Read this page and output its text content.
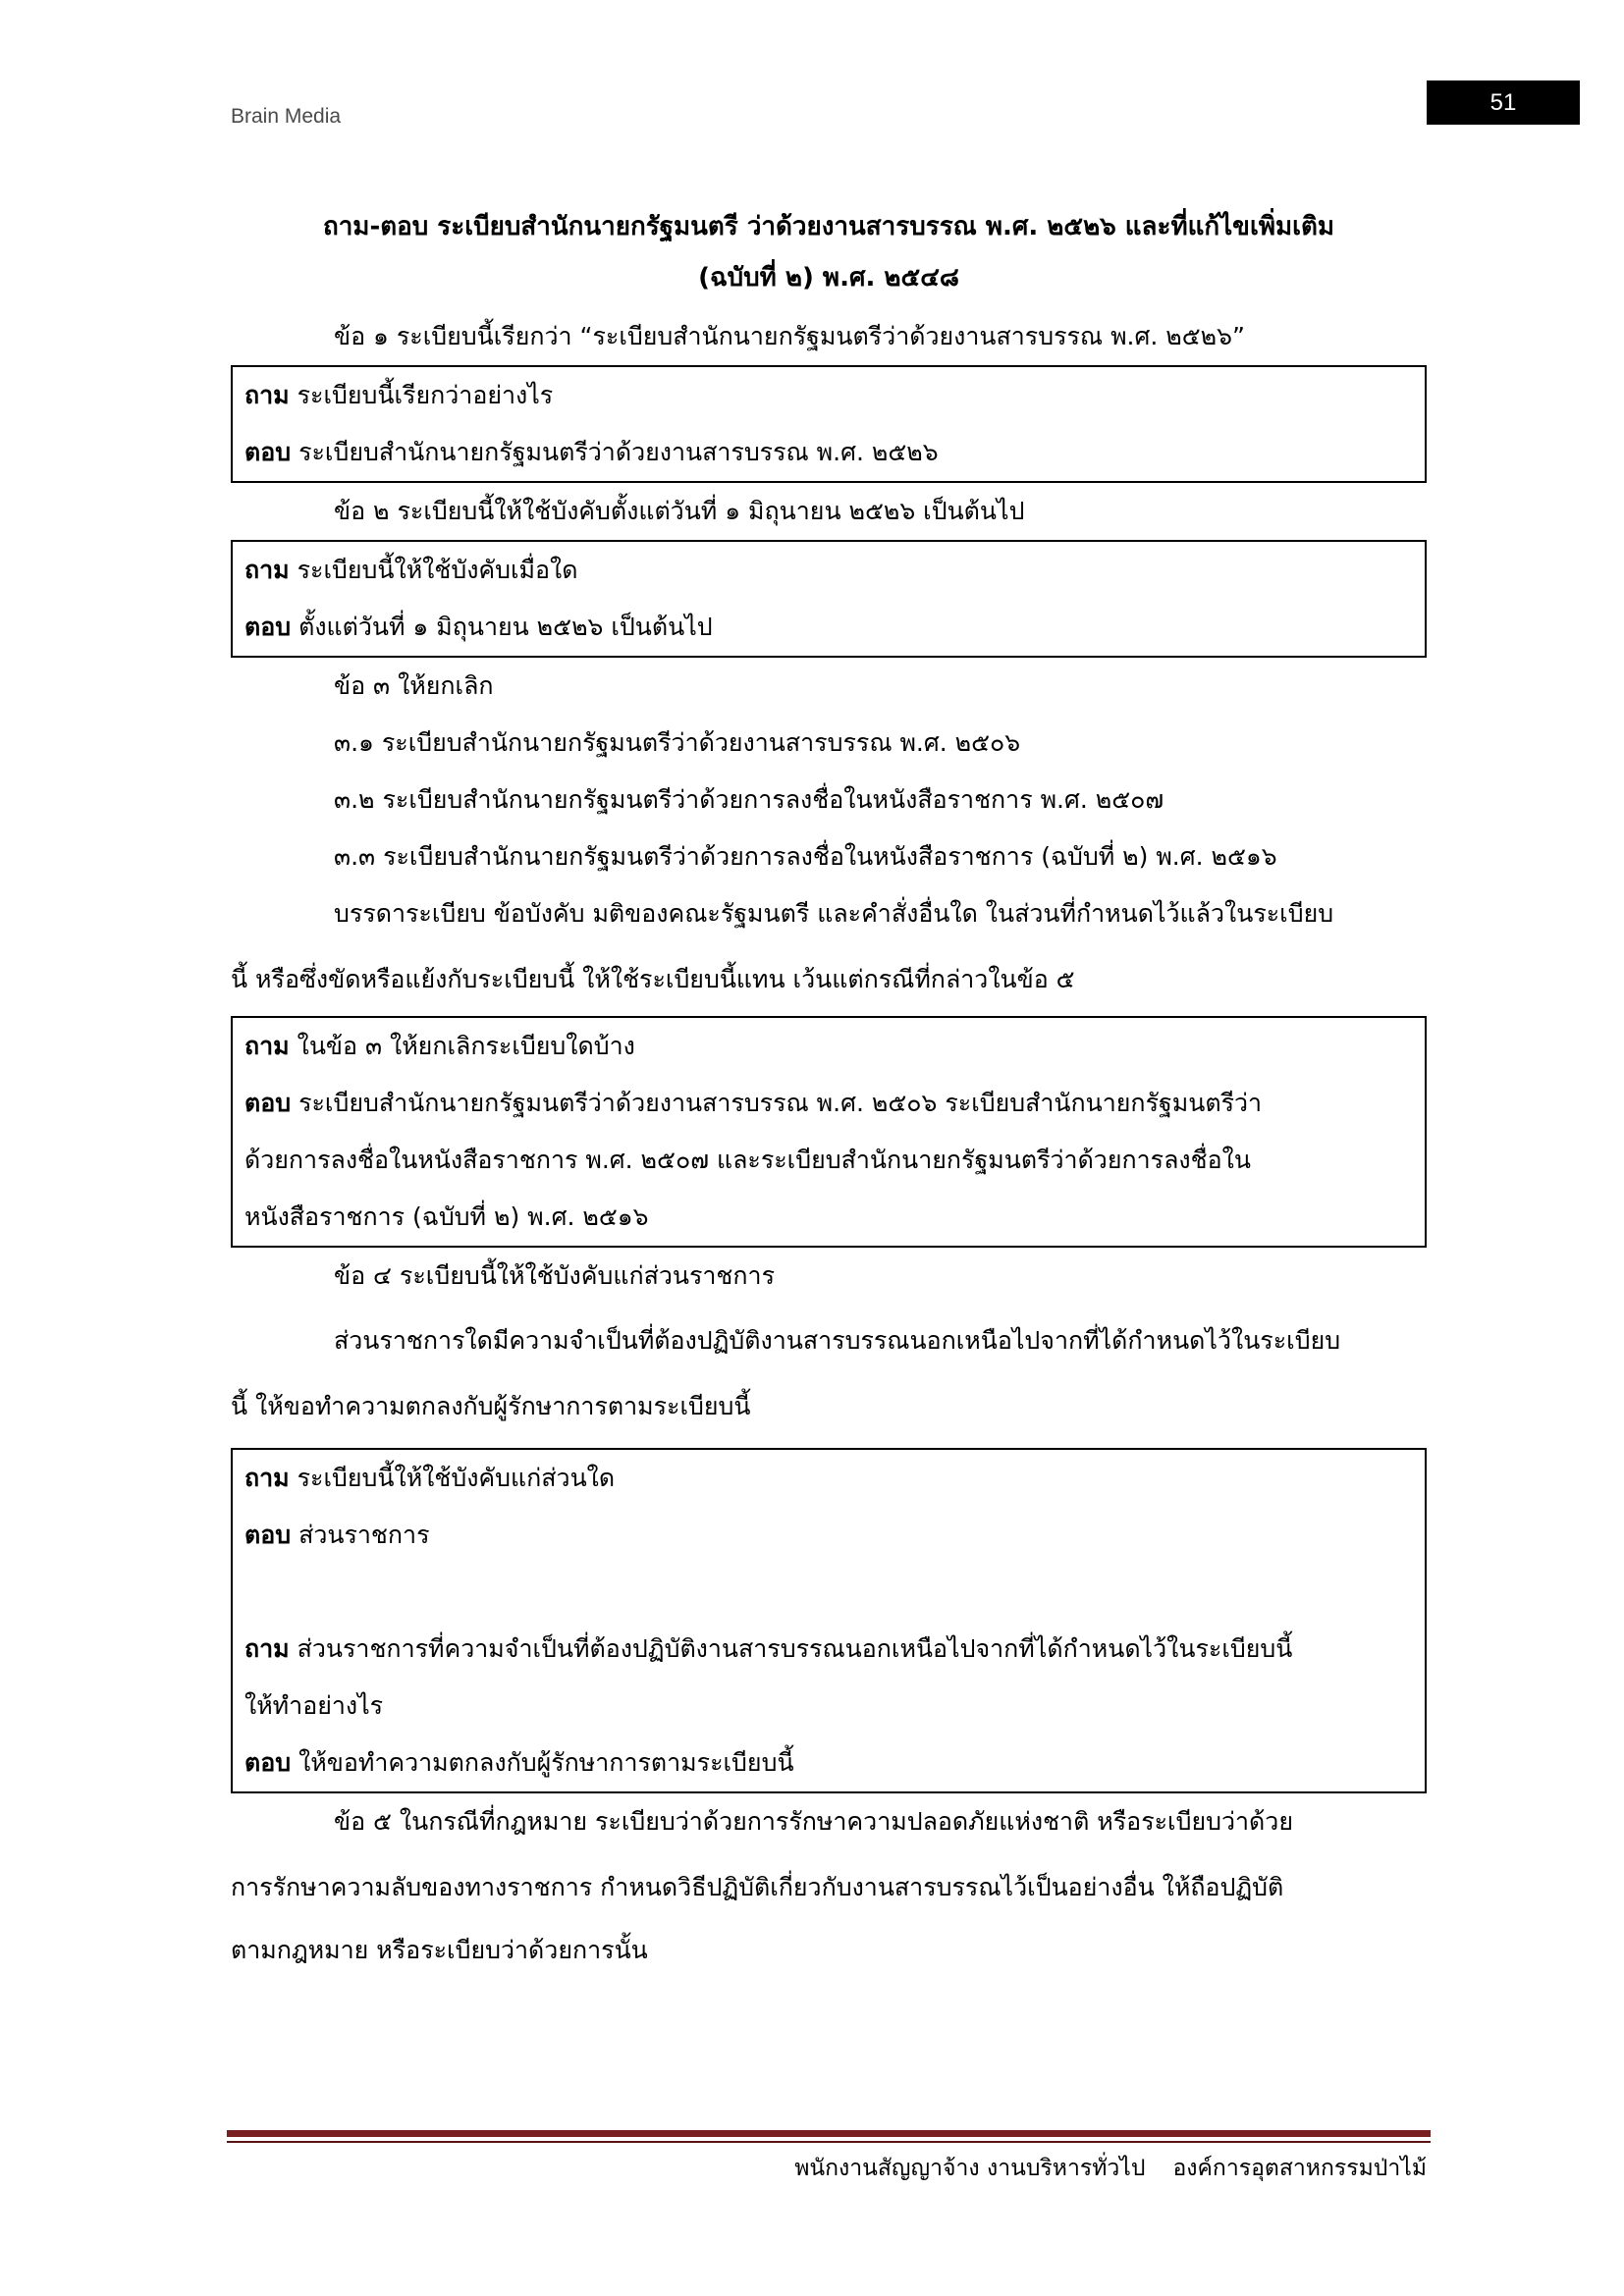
Brain Media
51
ถาม-ตอบ ระเบียบสำนักนายกรัฐมนตรี ว่าด้วยงานสารบรรณ พ.ศ. ๒๕๒๖ และที่แก้ไขเพิ่มเติม
(ฉบับที่ ๒) พ.ศ. ๒๕๔๘
ข้อ ๑ ระเบียบนี้เรียกว่า “ระเบียบสำนักนายกรัฐมนตรีว่าด้วยงานสารบรรณ พ.ศ. ๒๕๒๖”
ถาม ระเบียบนี้เรียกว่าอย่างไร
ตอบ ระเบียบสำนักนายกรัฐมนตรีว่าด้วยงานสารบรรณ พ.ศ. ๒๕๒๖
ข้อ ๒ ระเบียบนี้ให้ใช้บังคับตั้งแต่วันที่ ๑ มิถุนายน ๒๕๒๖ เป็นต้นไป
ถาม ระเบียบนี้ให้ใช้บังคับเมื่อใด
ตอบ ตั้งแต่วันที่ ๑ มิถุนายน ๒๕๒๖ เป็นต้นไป
ข้อ ๓ ให้ยกเลิก
๓.๑ ระเบียบสำนักนายกรัฐมนตรีว่าด้วยงานสารบรรณ พ.ศ. ๒๕๐๖
๓.๒ ระเบียบสำนักนายกรัฐมนตรีว่าด้วยการลงชื่อในหนังสือราชการ พ.ศ. ๒๕๐๗
๓.๓ ระเบียบสำนักนายกรัฐมนตรีว่าด้วยการลงชื่อในหนังสือราชการ (ฉบับที่ ๒) พ.ศ. ๒๕๑๖
บรรดาระเบียบ ข้อบังคับ มติของคณะรัฐมนตรี และคำสั่งอื่นใด ในส่วนที่กำหนดไว้แล้วในระเบียบ
นี้ หรือซึ่งขัดหรือแย้งกับระเบียบนี้ ให้ใช้ระเบียบนี้แทน เว้นแต่กรณีที่กล่าวในข้อ ๕
ถาม ในข้อ ๓ ให้ยกเลิกระเบียบใดบ้าง
ตอบ ระเบียบสำนักนายกรัฐมนตรีว่าด้วยงานสารบรรณ พ.ศ. ๒๕๐๖ ระเบียบสำนักนายกรัฐมนตรีว่า
ด้วยการลงชื่อในหนังสือราชการ พ.ศ. ๒๕๐๗ และระเบียบสำนักนายกรัฐมนตรีว่าด้วยการลงชื่อใน
หนังสือราชการ (ฉบับที่ ๒) พ.ศ. ๒๕๑๖
ข้อ ๔ ระเบียบนี้ให้ใช้บังคับแก่ส่วนราชการ
ส่วนราชการใดมีความจำเป็นที่ต้องปฏิบัติงานสารบรรณนอกเหนือไปจากที่ได้กำหนดไว้ในระเบียบ
นี้ ให้ขอทำความตกลงกับผู้รักษาการตามระเบียบนี้
ถาม ระเบียบนี้ให้ใช้บังคับแก่ส่วนใด
ตอบ ส่วนราชการ
ถาม ส่วนราชการที่ความจำเป็นที่ต้องปฏิบัติงานสารบรรณนอกเหนือไปจากที่ได้กำหนดไว้ในระเบียบนี้
ให้ทำอย่างไร
ตอบ ให้ขอทำความตกลงกับผู้รักษาการตามระเบียบนี้
ข้อ ๕ ในกรณีที่กฎหมาย ระเบียบว่าด้วยการรักษาความปลอดภัยแห่งชาติ หรือระเบียบว่าด้วย
การรักษาความลับของทางราชการ กำหนดวิธีปฏิบัติเกี่ยวกับงานสารบรรณไว้เป็นอย่างอื่น ให้ถือปฏิบัติ
ตามกฎหมาย หรือระเบียบว่าด้วยการนั้น
พนักงานสัญญาจ้าง งานบริหารทั่วไป องค์การอุตสาหกรรมป่าไม้
